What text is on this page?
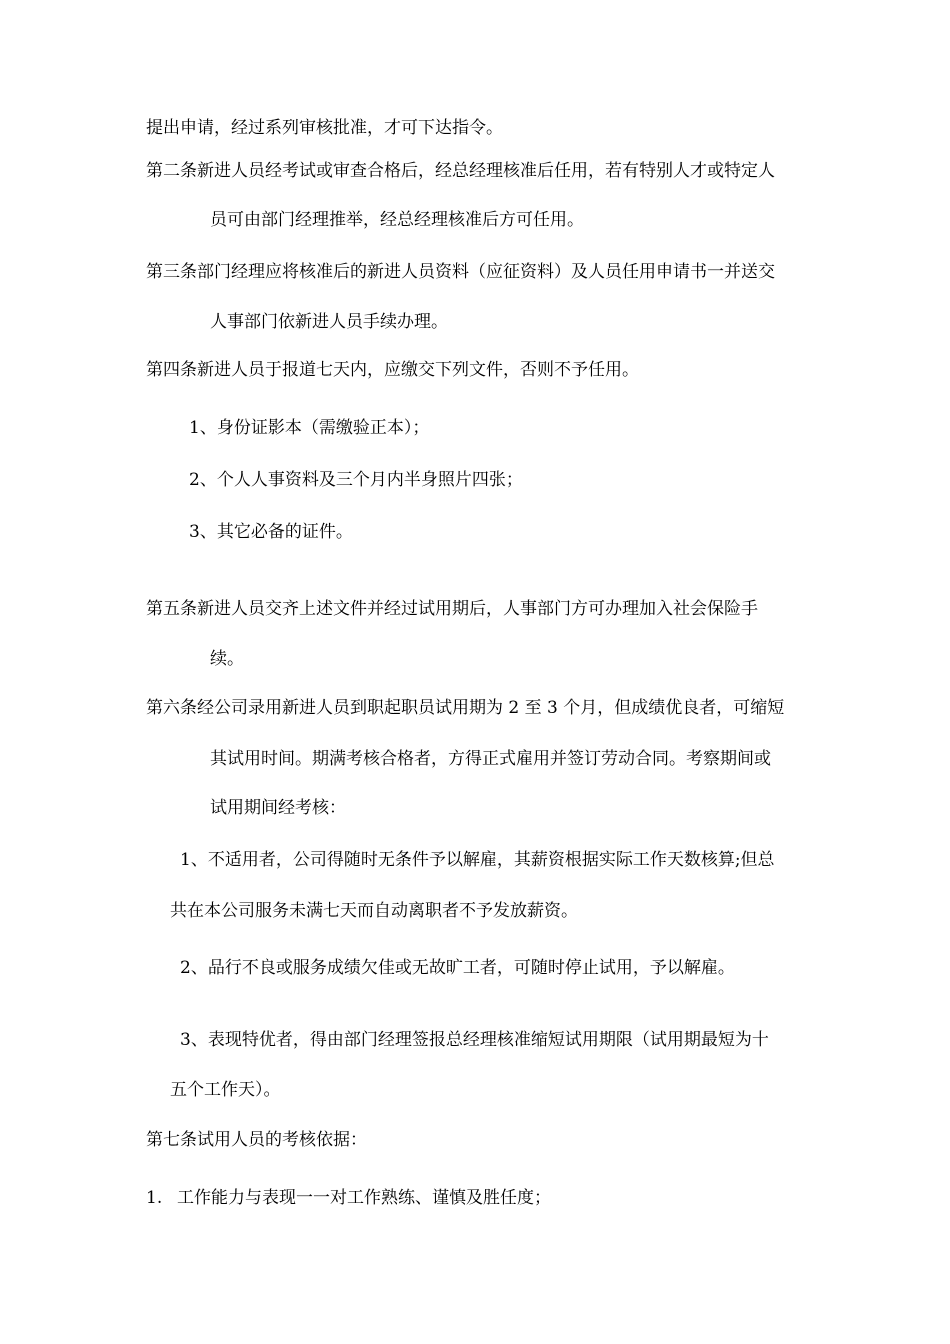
提出申请，经过系列审核批准，才可下达指令。
第二条新进人员经考试或审查合格后，经总经理核准后任用，若有特别人才或特定人
员可由部门经理推举，经总经理核准后方可任用。
第三条部门经理应将核准后的新进人员资料（应征资料）及人员任用申请书一并送交
人事部门依新进人员手续办理。
第四条新进人员于报道七天内，应缴交下列文件，否则不予任用。
1、身份证影本（需缴验正本）；
2、个人人事资料及三个月内半身照片四张；
3、其它必备的证件。
第五条新进人员交齐上述文件并经过试用期后，人事部门方可办理加入社会保险手
续。
第六条经公司录用新进人员到职起职员试用期为 2 至 3 个月，但成绩优良者，可缩短
其试用时间。期满考核合格者，方得正式雇用并签订劳动合同。考察期间或
试用期间经考核：
1、不适用者，公司得随时无条件予以解雇，其薪资根据实际工作天数核算;但总
共在本公司服务未满七天而自动离职者不予发放薪资。
2、品行不良或服务成绩欠佳或无故旷工者，可随时停止试用，予以解雇。
3、表现特优者，得由部门经理签报总经理核准缩短试用期限（试用期最短为十
五个工作天）。
第七条试用人员的考核依据：
1. 工作能力与表现一一对工作熟练、谨慎及胜任度；
